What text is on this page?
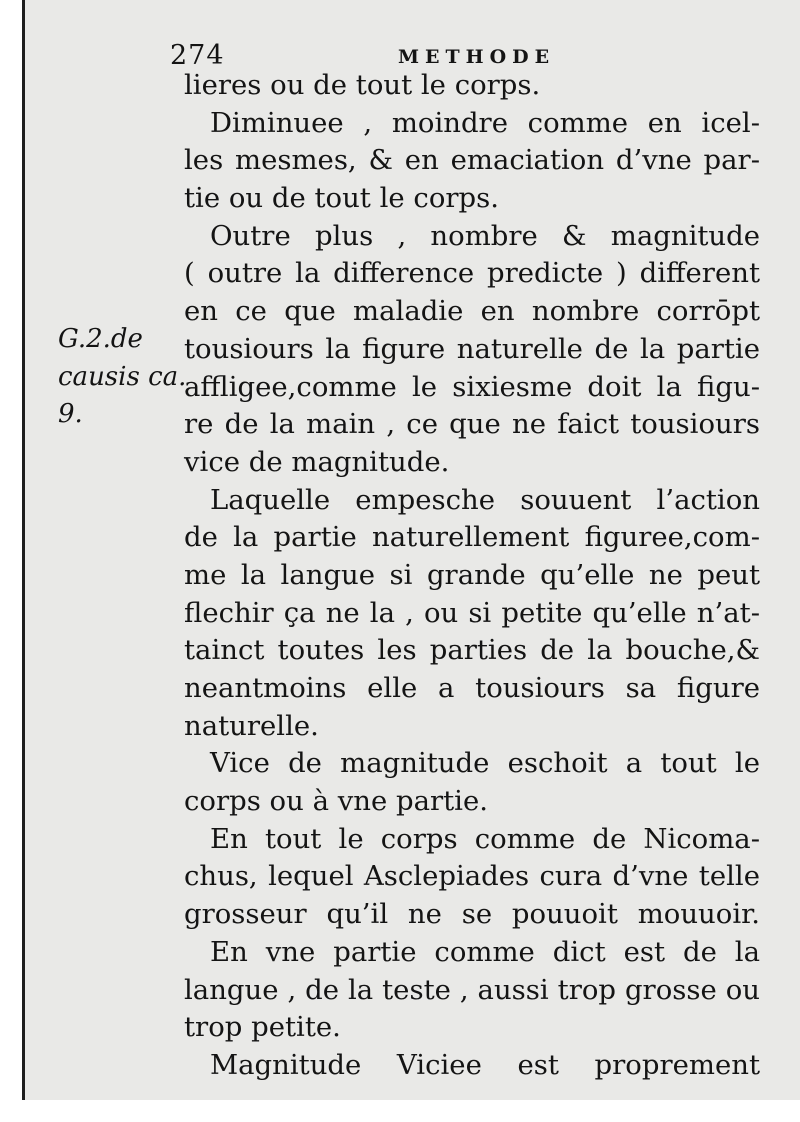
274	METHODE
G.2.de
causis ca.
9.
lieres ou de tout le corps.
Diminuee , moindre comme en icel-
les mesmes, & en emaciation d’vne par-
tie ou de tout le corps.
Outre plus , nombre & magnitude
( outre la difference predicte ) different
en ce que maladie en nombre corrōpt
tousiours la figure naturelle de la partie
affligee,comme le sixiesme doit la figu-
re de la main , ce que ne faict tousiours
vice de magnitude.
Laquelle empesche souuent l’action
de la partie naturellement figuree,com-
me la langue si grande qu’elle ne peut
flechir ça ne la , ou si petite qu’elle n’at-
tainct toutes les parties de la bouche,&
neantmoins elle a tousiours sa figure
naturelle.
Vice de magnitude eschoit a tout le
corps ou à vne partie.
En tout le corps comme de Nicoma-
chus, lequel Asclepiades cura d’vne telle
grosseur qu’il ne se pouuoit mouuoir.
En vne partie comme dict est de la
langue , de la teste , aussi trop grosse ou
trop petite.
Magnitude Viciee est proprement
